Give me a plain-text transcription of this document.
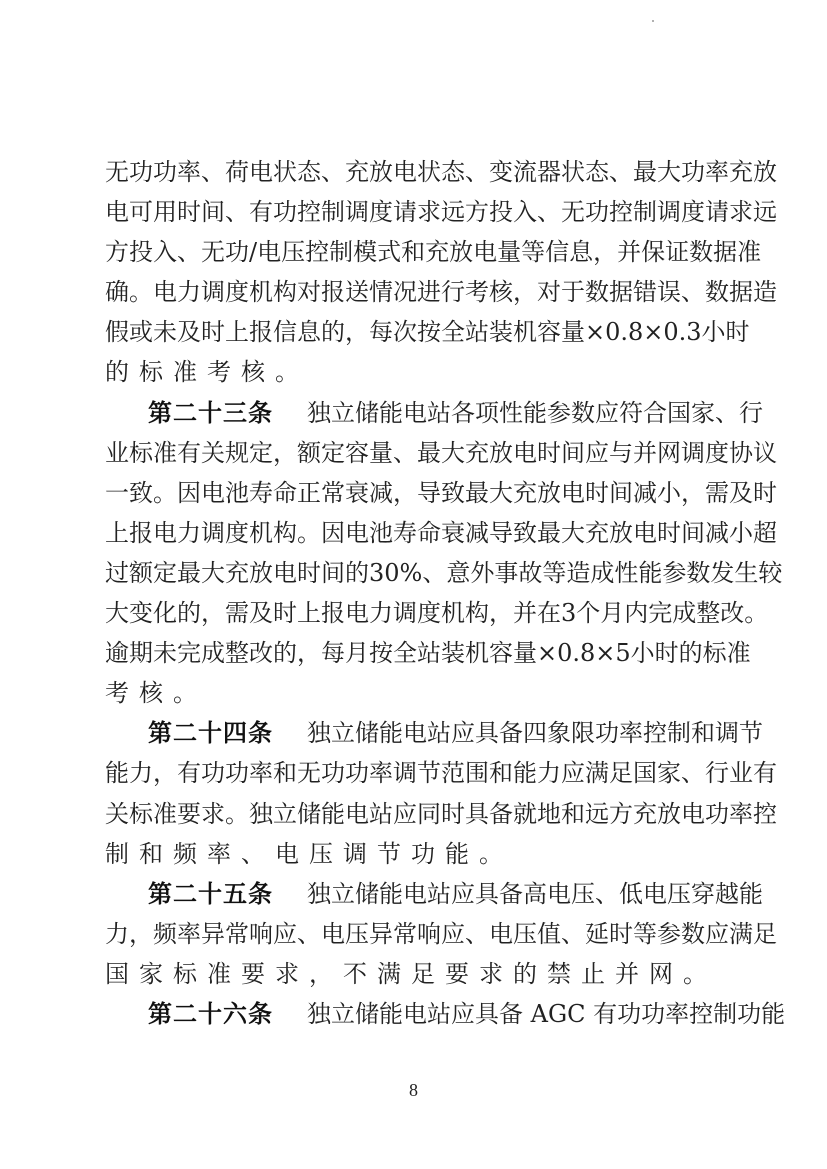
无功功率、荷电状态、充放电状态、变流器状态、最大功率充放
电可用时间、有功控制调度请求远方投入、无功控制调度请求远
方投入、无功/电压控制模式和充放电量等信息，并保证数据准
确。电力调度机构对报送情况进行考核，对于数据错误、数据造
假或未及时上报信息的，每次按全站装机容量×0.8×0.3小时
的标准考核。
第二十三条 独立储能电站各项性能参数应符合国家、行
业标准有关规定，额定容量、最大充放电时间应与并网调度协议
一致。因电池寿命正常衰减，导致最大充放电时间减小，需及时
上报电力调度机构。因电池寿命衰减导致最大充放电时间减小超
过额定最大充放电时间的30%、意外事故等造成性能参数发生较
大变化的，需及时上报电力调度机构，并在3个月内完成整改。
逾期未完成整改的，每月按全站装机容量×0.8×5小时的标准
考核。
第二十四条 独立储能电站应具备四象限功率控制和调节
能力，有功功率和无功功率调节范围和能力应满足国家、行业有
关标准要求。独立储能电站应同时具备就地和远方充放电功率控
制和频率、电压调节功能。
第二十五条 独立储能电站应具备高电压、低电压穿越能
力，频率异常响应、电压异常响应、电压值、延时等参数应满足
国家标准要求，不满足要求的禁止并网。
第二十六条 独立储能电站应具备 AGC 有功功率控制功能
8
